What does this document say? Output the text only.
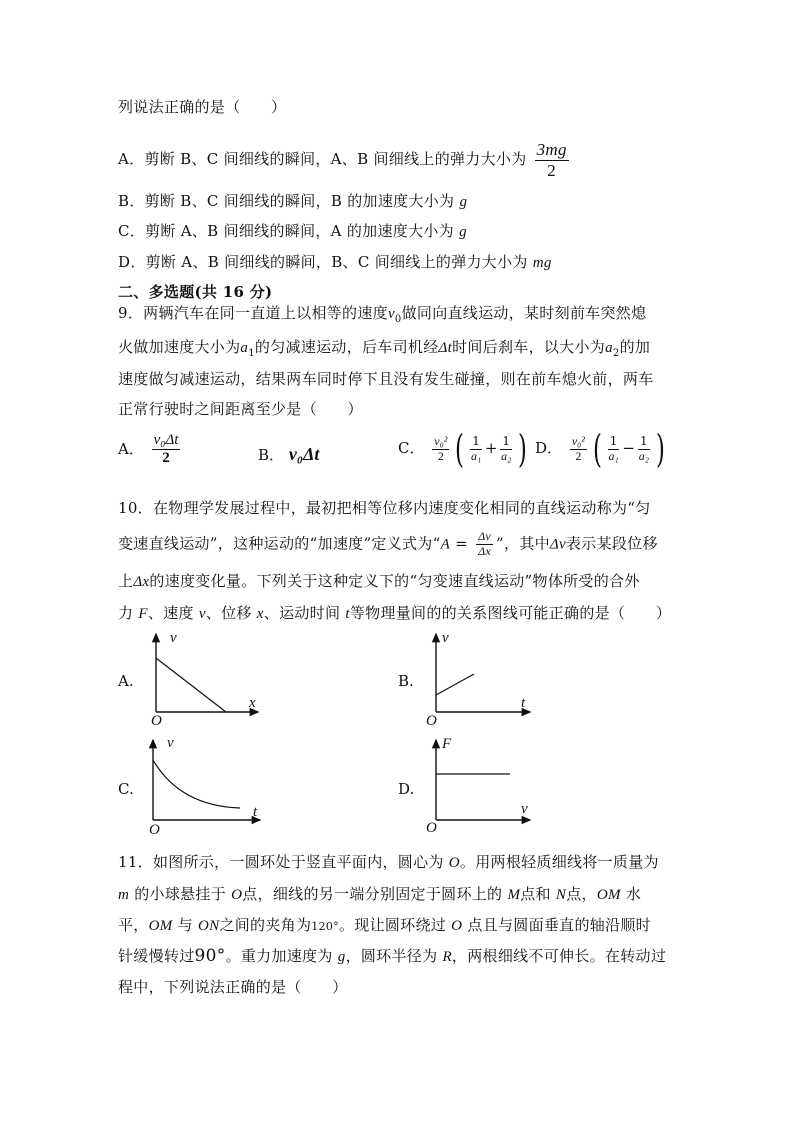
列说法正确的是（　　）
A．剪断 B、C 间细线的瞬间，A、B 间细线上的弹力大小为 $\frac{3mg}{2}$
B．剪断 B、C 间细线的瞬间，B 的加速度大小为 g
C．剪断 A、B 间细线的瞬间，A 的加速度大小为 g
D．剪断 A、B 间细线的瞬间，B、C 间细线上的弹力大小为 mg
二、多选题(共 16 分)
9．两辆汽车在同一直道上以相等的速度$v_0$做同向直线运动，某时刻前车突然熄
火做加速度大小为$a_1$的匀减速运动，后车司机经Δt时间后刹车，以大小为$a_2$的加
速度做匀减速运动，结果两车同时停下且没有发生碰撞，则在前车熄火前，两车
正常行驶时之间距离至少是（　　）
A． $\frac{\text{v₀Δt}}{2}$	B． v₀Δt	C． $\frac{\text{v₀²}}{2}$ ( $\frac{1}{\text{a₁}} + \frac{1}{\text{a₂}}$ ) D． $\frac{\text{v₀²}}{2}$ ( $\frac{1}{\text{a₁}} - \frac{1}{\text{a₂}}$ )
10．在物理学发展过程中，最初把相等位移内速度变化相同的直线运动称为“匀
变速直线运动”，这种运动的“加速度”定义式为“$A = \frac{\Delta v}{\Delta x}$ ”，其中Δv表示某段位移
上Δx的速度变化量。下列关于这种定义下的“匀变速直线运动”物体所受的合外
力 F、速度 v、位移 x、运动时间 t等物理量间的的关系图线可能正确的是（　　）
A.
v
x
O
B.
v
t
O
C.
v
t
O
D.
F
v
O
11．如图所示，一圆环处于竖直平面内，圆心为 O。用两根轻质细线将一质量为
m 的小球悬挂于 O点，细线的另一端分别固定于圆环上的 M点和 N点，OM 水
平，OM 与 ON之间的夹角为120°。现让圆环绕过 O 点且与圆面垂直的轴沿顺时
针缓慢转过90°。重力加速度为 g，圆环半径为 R，两根细线不可伸长。在转动过
程中，下列说法正确的是（　　）
